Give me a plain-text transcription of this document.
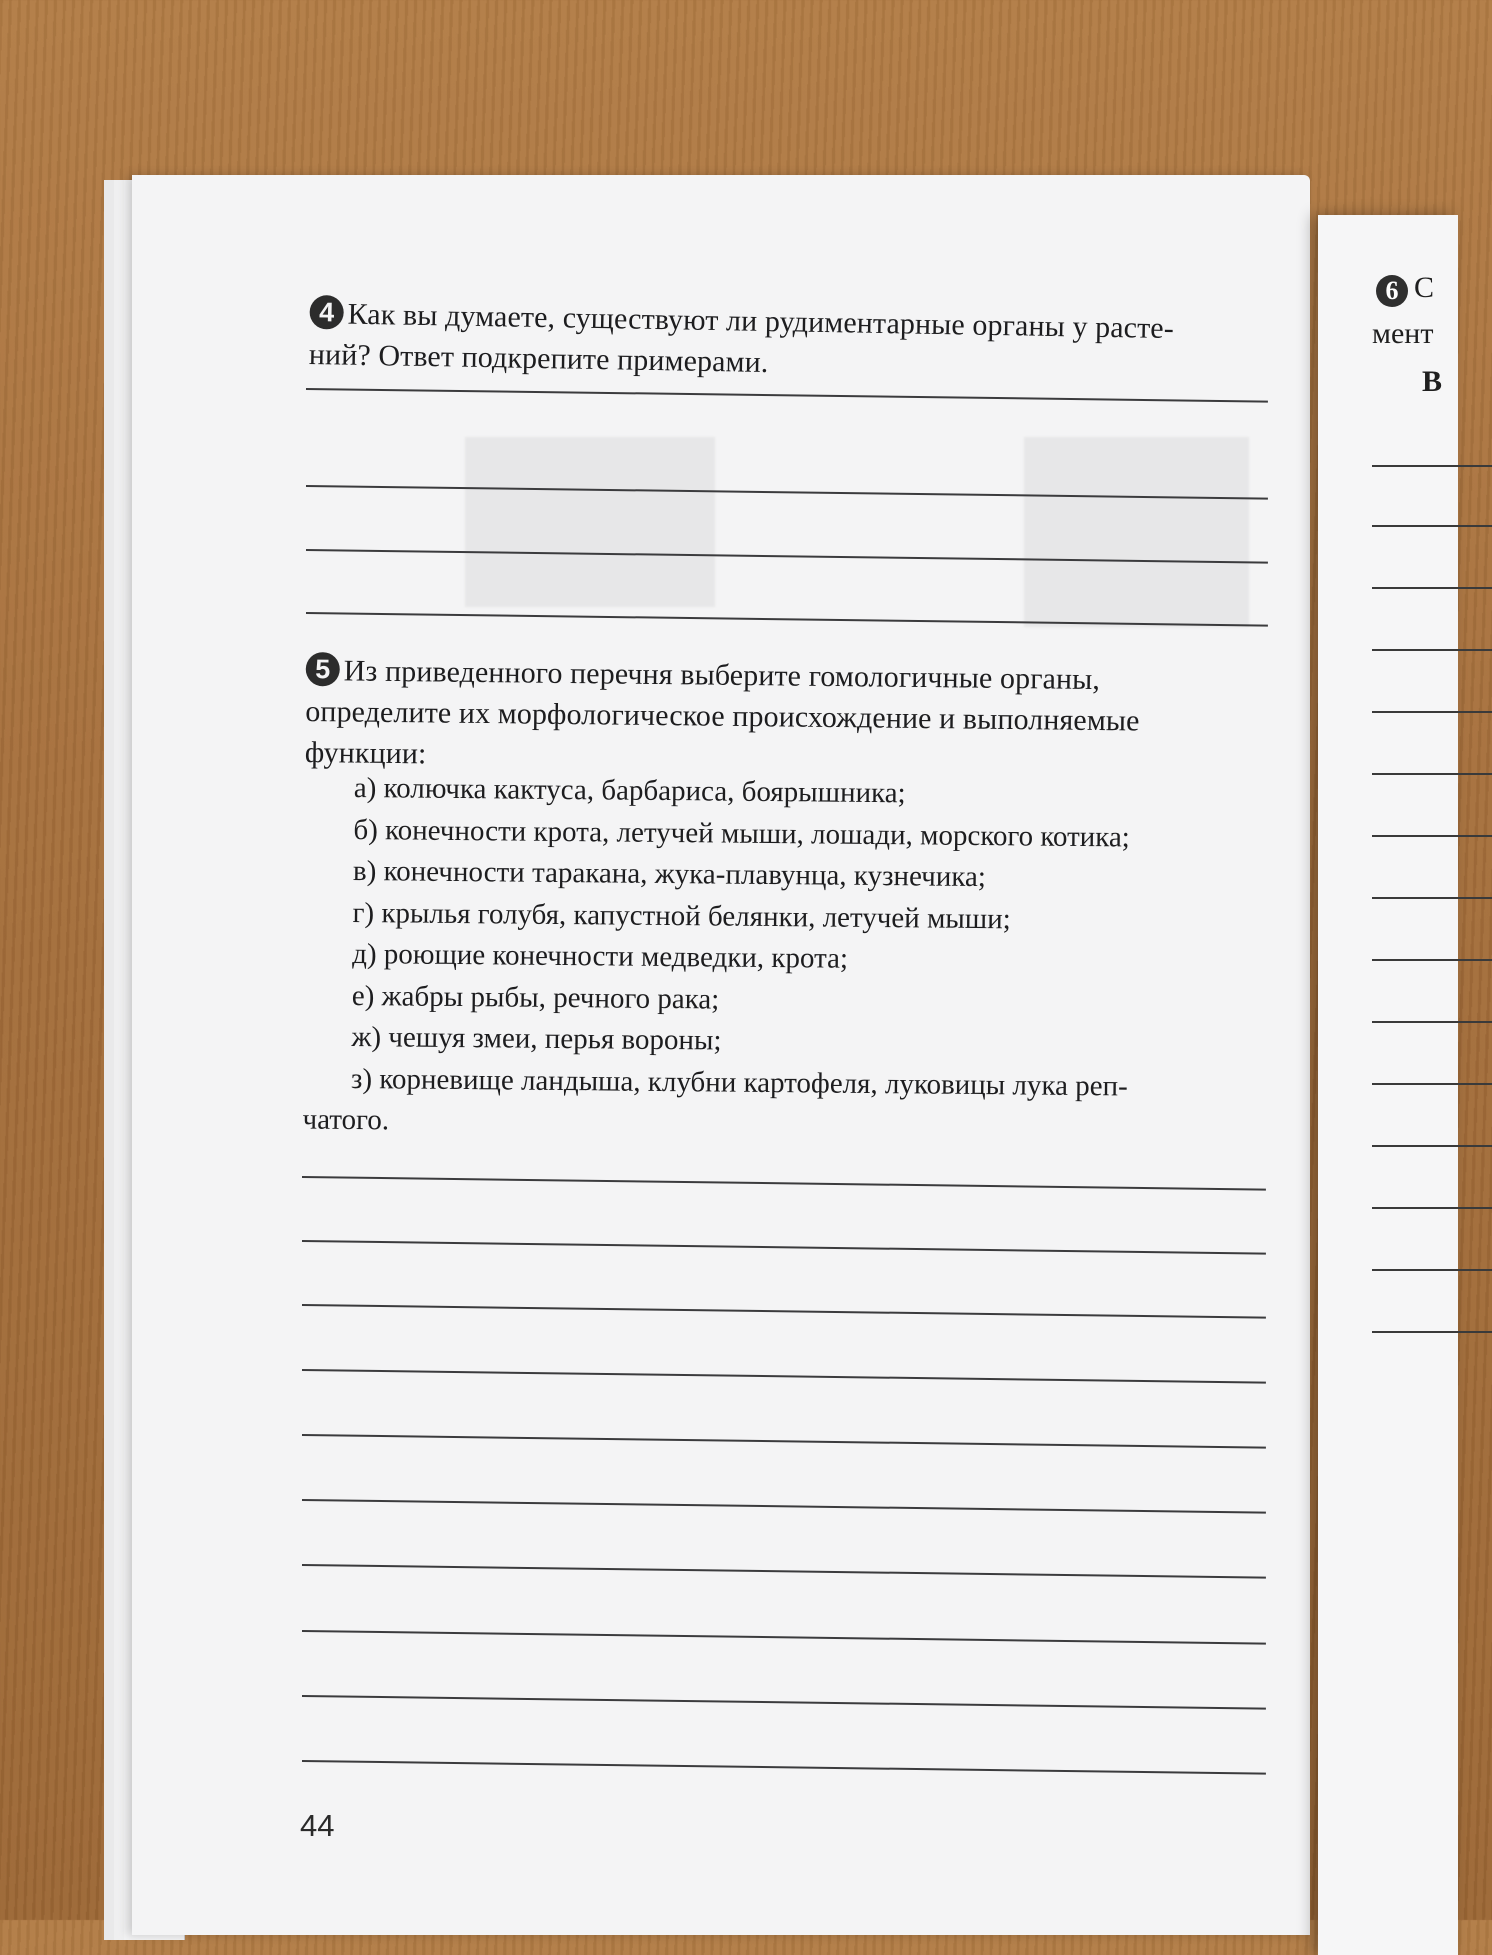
6 С
мент
В
4 Как вы думаете, существуют ли рудиментарные органы у расте-
ний? Ответ подкрепите примерами.
5 Из приведенного перечня выберите гомологичные органы,
определите их морфологическое происхождение и выполняемые
функции:
а) колючка кактуса, барбариса, боярышника;
б) конечности крота, летучей мыши, лошади, морского котика;
в) конечности таракана, жука-плавунца, кузнечика;
г) крылья голубя, капустной белянки, летучей мыши;
д) роющие конечности медведки, крота;
е) жабры рыбы, речного рака;
ж) чешуя змеи, перья вороны;
з) корневище ландыша, клубни картофеля, луковицы лука реп-
чатого.
44
